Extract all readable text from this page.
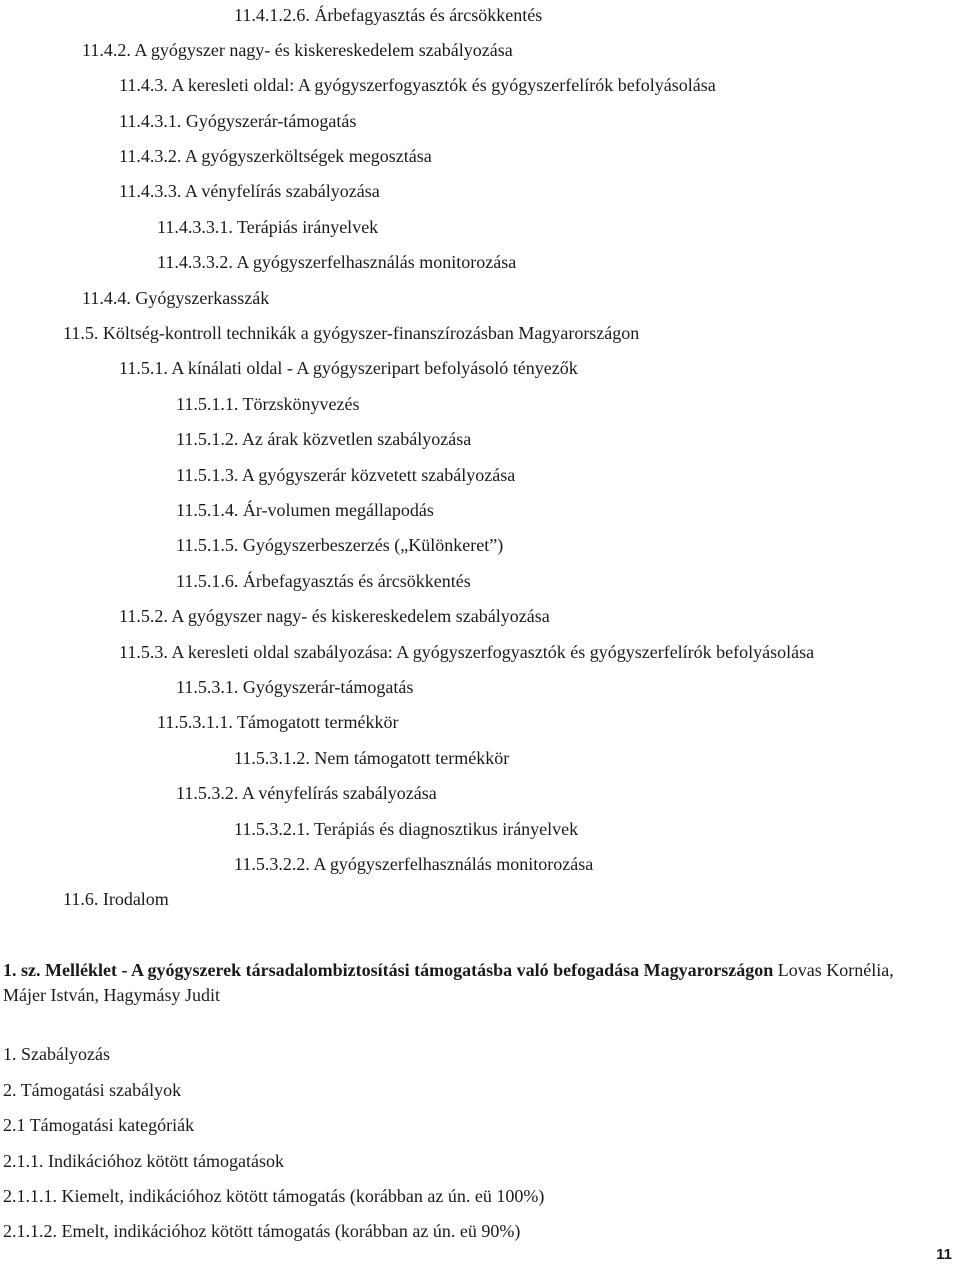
11.4.1.2.6. Árbefagyasztás és árcsökkentés
11.4.2. A gyógyszer nagy- és kiskereskedelem szabályozása
11.4.3. A keresleti oldal: A gyógyszerfogyasztók és gyógyszerfelírók befolyásolása
11.4.3.1. Gyógyszerár-támogatás
11.4.3.2. A gyógyszerköltségek megosztása
11.4.3.3. A vényfelírás szabályozása
11.4.3.3.1. Terápiás irányelvek
11.4.3.3.2. A gyógyszerfelhasználás monitorozása
11.4.4. Gyógyszerkasszák
11.5. Költség-kontroll technikák a gyógyszer-finanszírozásban Magyarországon
11.5.1. A kínálati oldal - A gyógyszeripart befolyásoló tényezők
11.5.1.1. Törzskönyvezés
11.5.1.2. Az árak közvetlen szabályozása
11.5.1.3. A gyógyszerár közvetett szabályozása
11.5.1.4. Ár-volumen megállapodás
11.5.1.5. Gyógyszerbeszerzés („Különkeret”)
11.5.1.6. Árbefagyasztás és árcsökkentés
11.5.2. A gyógyszer nagy- és kiskereskedelem szabályozása
11.5.3. A keresleti oldal szabályozása: A gyógyszerfogyasztók és gyógyszerfelírók befolyásolása
11.5.3.1. Gyógyszerár-támogatás
11.5.3.1.1. Támogatott termékkör
11.5.3.1.2. Nem támogatott termékkör
11.5.3.2. A vényfelírás szabályozása
11.5.3.2.1. Terápiás és diagnosztikus irányelvek
11.5.3.2.2. A gyógyszerfelhasználás monitorozása
11.6. Irodalom
1. sz. Melléklet - A gyógyszerek társadalombiztosítási támogatásba való befogadása Magyarországon Lovas Kornélia, Májer István, Hagymásy Judit
1. Szabályozás
2. Támogatási szabályok
2.1 Támogatási kategóriák
2.1.1. Indikációhoz kötött támogatások
2.1.1.1. Kiemelt, indikációhoz kötött támogatás (korábban az ún. eü 100%)
2.1.1.2. Emelt, indikációhoz kötött támogatás (korábban az ún. eü 90%)
11
